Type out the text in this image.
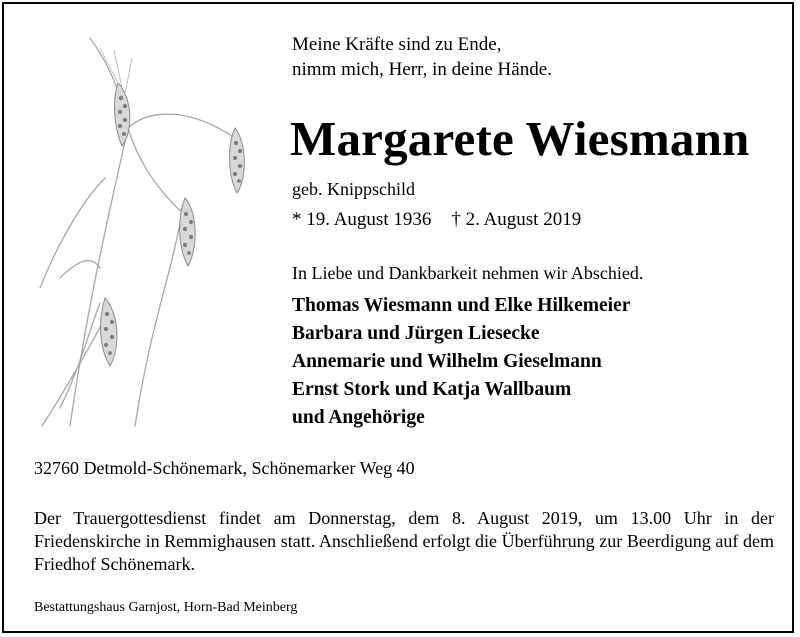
Meine Kräfte sind zu Ende,
nimm mich, Herr, in deine Hände.
Margarete Wiesmann
geb. Knippschild
* 19. August 1936 † 2. August 2019
In Liebe und Dankbarkeit nehmen wir Abschied.
Thomas Wiesmann und Elke Hilkemeier
Barbara und Jürgen Liesecke
Annemarie und Wilhelm Gieselmann
Ernst Stork und Katja Wallbaum
und Angehörige
32760 Detmold-Schönemark, Schönemarker Weg 40
Der Trauergottesdienst findet am Donnerstag, dem 8. August 2019, um 13.00 Uhr in der Friedenskirche in Remmighausen statt. Anschließend erfolgt die Überführung zur Beerdigung auf dem Friedhof Schönemark.
Bestattungshaus Garnjost, Horn-Bad Meinberg
